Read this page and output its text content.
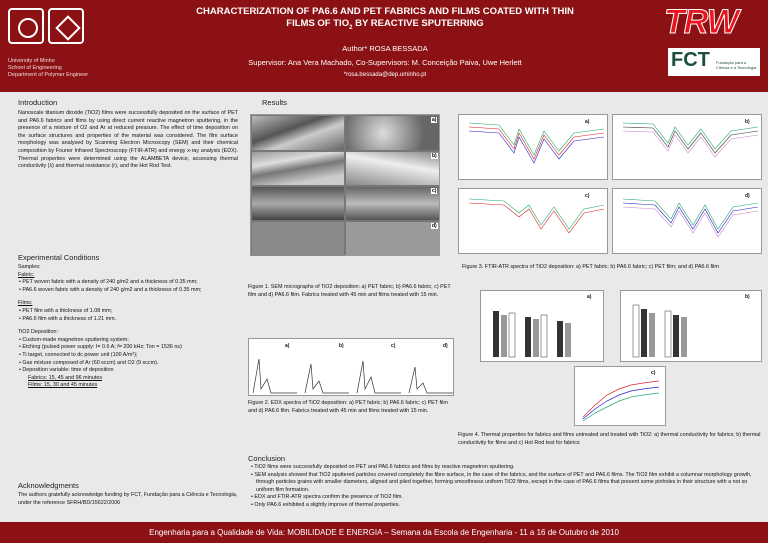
University of Minho
School of Engineering
Department of Polymer Engineer
CHARACTERIZATION OF PA6.6 AND PET FABRICS AND FILMS COATED WITH THIN
FILMS OF $TIO_2$ BY REACTIVE SPUTERRING
Author* ROSA BESSADA
Supervisor: Ana Vera Machado, Co-Supervisors: M. Conceição Paiva, Uwe Herlett
*rosa.bessada@dep.uminho.pt
TRW
FCT Fundação para a Ciência e a Tecnologia
Introduction
Nanoscale titanium dioxide (TiO2) films were successfully deposited on the surface of PET and PA6.6 fabrics and films by using direct current reactive magnetron sputtering, in the presence of a mixture of O2 and Ar at reduced pressure. The effect of time deposition on the surface structures and properties of the material was considered. The film surface morphology was analysed by Scanning Electron Microscopy (SEM) and their chemical composition by Fourier Infrared Spectroscopy (FTIR-ATR) and energy x-ray analysis (EDX). Thermal properties were determined using the ALAMBETA device, accessing thermal conductivity (λ) and thermal resistance (r), and the Hot Rod Test.
Experimental Conditions
Samples:
Fabric:
• PET woven fabric with a density of 240 g/m2 and a thickness of 0.35 mm;
• PA6.6 woven fabric with a density of 240 g/m2 and a thickness of 0.35 mm;
Films:
• PET film with a thickness of 1.08 mm;
• PA6.6 film with a thickness of 1.21 mm.
TiO2 Deposition:
• Custom-made magnetron sputtering system;
• Etching (pulsed power supply: I= 0.6 A; f= 200 kHz; Ton = 1536 ns)
• Ti target, connected to dc power unit (100 A/m²);
• Gas mixture composed of Ar (60 sccm) and O2 (9 sccm).
• Deposition variable: time of deposition
Fabrics: 15, 45 and 96 minutes
Films: 15, 30 and 45 minutes
Acknowledgments
The authors gratefully acknowledge funding by FCT, Fundação para a Ciência e Tecnologia, under the reference SFRH/BD/15622/2006
Results
a)
b)
c)
d)
Figure 1. SEM micrographs of TiO2 deposition: a) PET fabric; b) PA6.6 fabric; c) PET film and d) PA6.6 film. Fabrics treated with 45 min and films treated with 15 min.
a)	b)	c)	d)
Figure 2. EDX spectra of TiO2 deposition: a) PET fabric; b) PA6.6 fabric; c) PET film and d) PA6.6 film. Fabrics treated with 45 min and films treated with 15 min.
a)	b)
c)	d)
Figure 3. FTIR-ATR spectra of TiO2 deposition: a) PET fabric; b) PA6.6 fabric; c) PET film; and d) PA6.6 film
a)	b)
c)
Figure 4. Thermal properties for fabrics and films untreated and treated with TiO2: a) thermal conductivity for fabrics; b) thermal conductivity for films and c) Hot Rod test for fabrics
Conclusion
• TiO2 films were successfully deposited on PET and PA6.6 fabrics and films by reactive magnetron sputtering.
• SEM analysis showed that TiO2 sputtered particles covered completely the fibre surface, in the case of the fabrics, and the surface of PET and PA6.6 films. The TiO2 film exhibit a columnar morphology growth, through particles grains with smaller diameters, aligned and piled together, forming smoothness uniform TiO2 films, except in the case of PA6.6 films that present some pinholes in their structure with a not so uniform film formation.
• EDX and FTIR-ATR spectra confirm the presence of TiO2 film.
• Only PA6.6 exhibited a slightly improve of thermal properties.
Engenharia para a Qualidade de Vida: MOBILIDADE E ENERGIA – Semana da Escola de Engenharia - 11 a 16 de Outubro de 2010
